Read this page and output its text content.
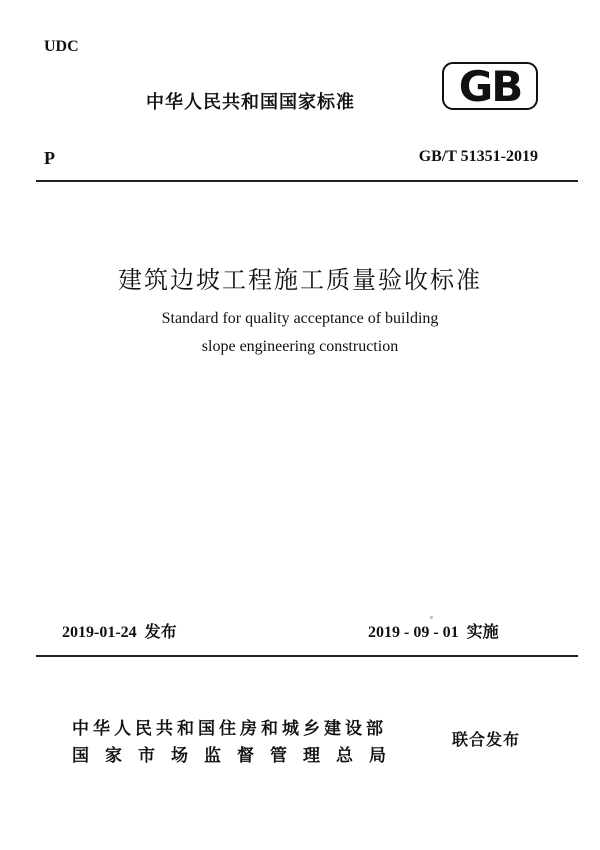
UDC
中华人民共和国国家标准 GB
P	GB/T 51351-2019
建筑边坡工程施工质量验收标准
Standard for quality acceptance of building
slope engineering construction
2019-01-24 发布	2019 - 09 - 01 实施
中华人民共和国住房和城乡建设部
国家市场监督管理总局
联合发布
